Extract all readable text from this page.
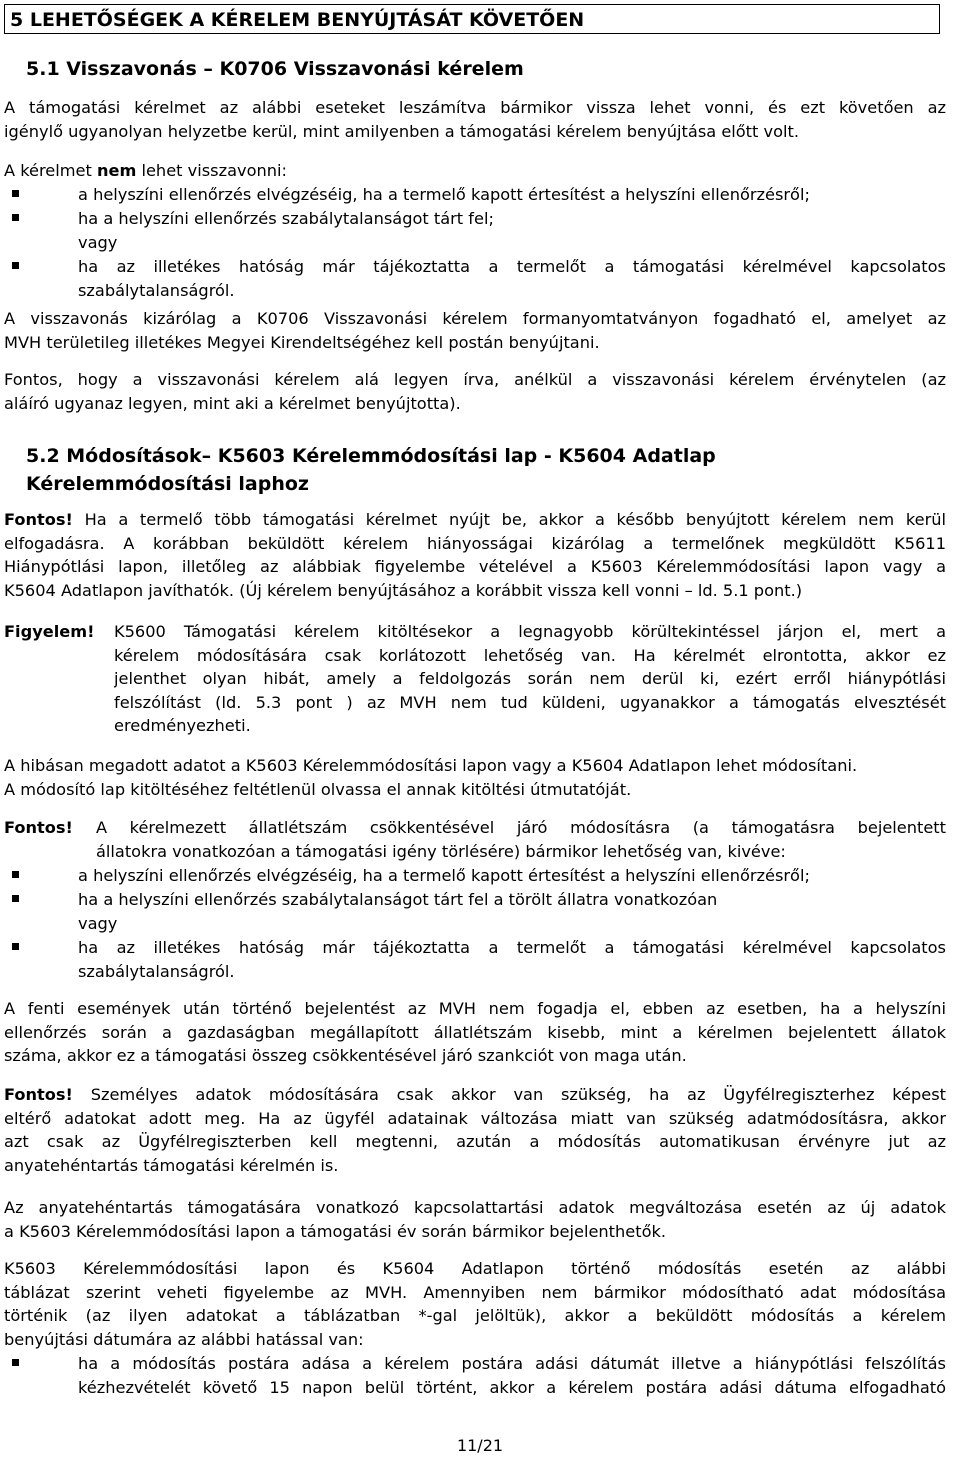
5 LEHETŐSÉGEK A KÉRELEM BENYÚJTÁSÁT KÖVETŐEN
5.1 Visszavonás – K0706 Visszavonási kérelem
A támogatási kérelmet az alábbi eseteket leszámítva bármikor vissza lehet vonni, és ezt követően az
igénylő ugyanolyan helyzetbe kerül, mint amilyenben a támogatási kérelem benyújtása előtt volt.
A kérelmet nem lehet visszavonni:
a helyszíni ellenőrzés elvégzéséig, ha a termelő kapott értesítést a helyszíni ellenőrzésről;
ha a helyszíni ellenőrzés szabálytalanságot tárt fel;
vagy
ha az illetékes hatóság már tájékoztatta a termelőt a támogatási kérelmével kapcsolatos
szabálytalanságról.
A visszavonás kizárólag a K0706 Visszavonási kérelem formanyomtatványon fogadható el, amelyet az
MVH területileg illetékes Megyei Kirendeltségéhez kell postán benyújtani.
Fontos, hogy a visszavonási kérelem alá legyen írva, anélkül a visszavonási kérelem érvénytelen (az
aláíró ugyanaz legyen, mint aki a kérelmet benyújtotta).
5.2 Módosítások– K5603 Kérelemmódosítási lap - K5604 Adatlap
Kérelemmódosítási laphoz
Fontos! Ha a termelő több támogatási kérelmet nyújt be, akkor a később benyújtott kérelem nem kerül
elfogadásra. A korábban beküldött kérelem hiányosságai kizárólag a termelőnek megküldött K5611
Hiánypótlási lapon, illetőleg az alábbiak figyelembe vételével a K5603 Kérelemmódosítási lapon vagy a
K5604 Adatlapon javíthatók. (Új kérelem benyújtásához a korábbit vissza kell vonni – ld. 5.1 pont.)
Figyelem!	K5600 Támogatási kérelem kitöltésekor a legnagyobb körültekintéssel járjon el, mert a
kérelem módosítására csak korlátozott lehetőség van. Ha kérelmét elrontotta, akkor ez
jelenthet olyan hibát, amely a feldolgozás során nem derül ki, ezért erről hiánypótlási
felszólítást (ld. 5.3 pont ) az MVH nem tud küldeni, ugyanakkor a támogatás elvesztését
eredményezheti.
A hibásan megadott adatot a K5603 Kérelemmódosítási lapon vagy a K5604 Adatlapon lehet módosítani.
A módosító lap kitöltéséhez feltétlenül olvassa el annak kitöltési útmutatóját.
Fontos!	A kérelmezett állatlétszám csökkentésével járó módosításra (a támogatásra bejelentett
állatokra vonatkozóan a támogatási igény törlésére) bármikor lehetőség van, kivéve:
a helyszíni ellenőrzés elvégzéséig, ha a termelő kapott értesítést a helyszíni ellenőrzésről;
ha a helyszíni ellenőrzés szabálytalanságot tárt fel a törölt állatra vonatkozóan
vagy
ha az illetékes hatóság már tájékoztatta a termelőt a támogatási kérelmével kapcsolatos
szabálytalanságról.
A fenti események után történő bejelentést az MVH nem fogadja el, ebben az esetben, ha a helyszíni
ellenőrzés során a gazdaságban megállapított állatlétszám kisebb, mint a kérelmen bejelentett állatok
száma, akkor ez a támogatási összeg csökkentésével járó szankciót von maga után.
Fontos! Személyes adatok módosítására csak akkor van szükség, ha az Ügyfélregiszterhez képest
eltérő adatokat adott meg. Ha az ügyfél adatainak változása miatt van szükség adatmódosításra, akkor
azt csak az Ügyfélregiszterben kell megtenni, azután a módosítás automatikusan érvényre jut az
anyatehéntartás támogatási kérelmén is.
Az anyatehéntartás támogatására vonatkozó kapcsolattartási adatok megváltozása esetén az új adatok
a K5603 Kérelemmódosítási lapon a támogatási év során bármikor bejelenthetők.
K5603 Kérelemmódosítási lapon és K5604 Adatlapon történő módosítás esetén az alábbi
táblázat szerint veheti figyelembe az MVH. Amennyiben nem bármikor módosítható adat módosítása
történik (az ilyen adatokat a táblázatban *-gal jelöltük), akkor a beküldött módosítás a kérelem
benyújtási dátumára az alábbi hatással van:
ha a módosítás postára adása a kérelem postára adási dátumát illetve a hiánypótlási felszólítás
kézhezvételét követő 15 napon belül történt, akkor a kérelem postára adási dátuma elfogadható
11/21
